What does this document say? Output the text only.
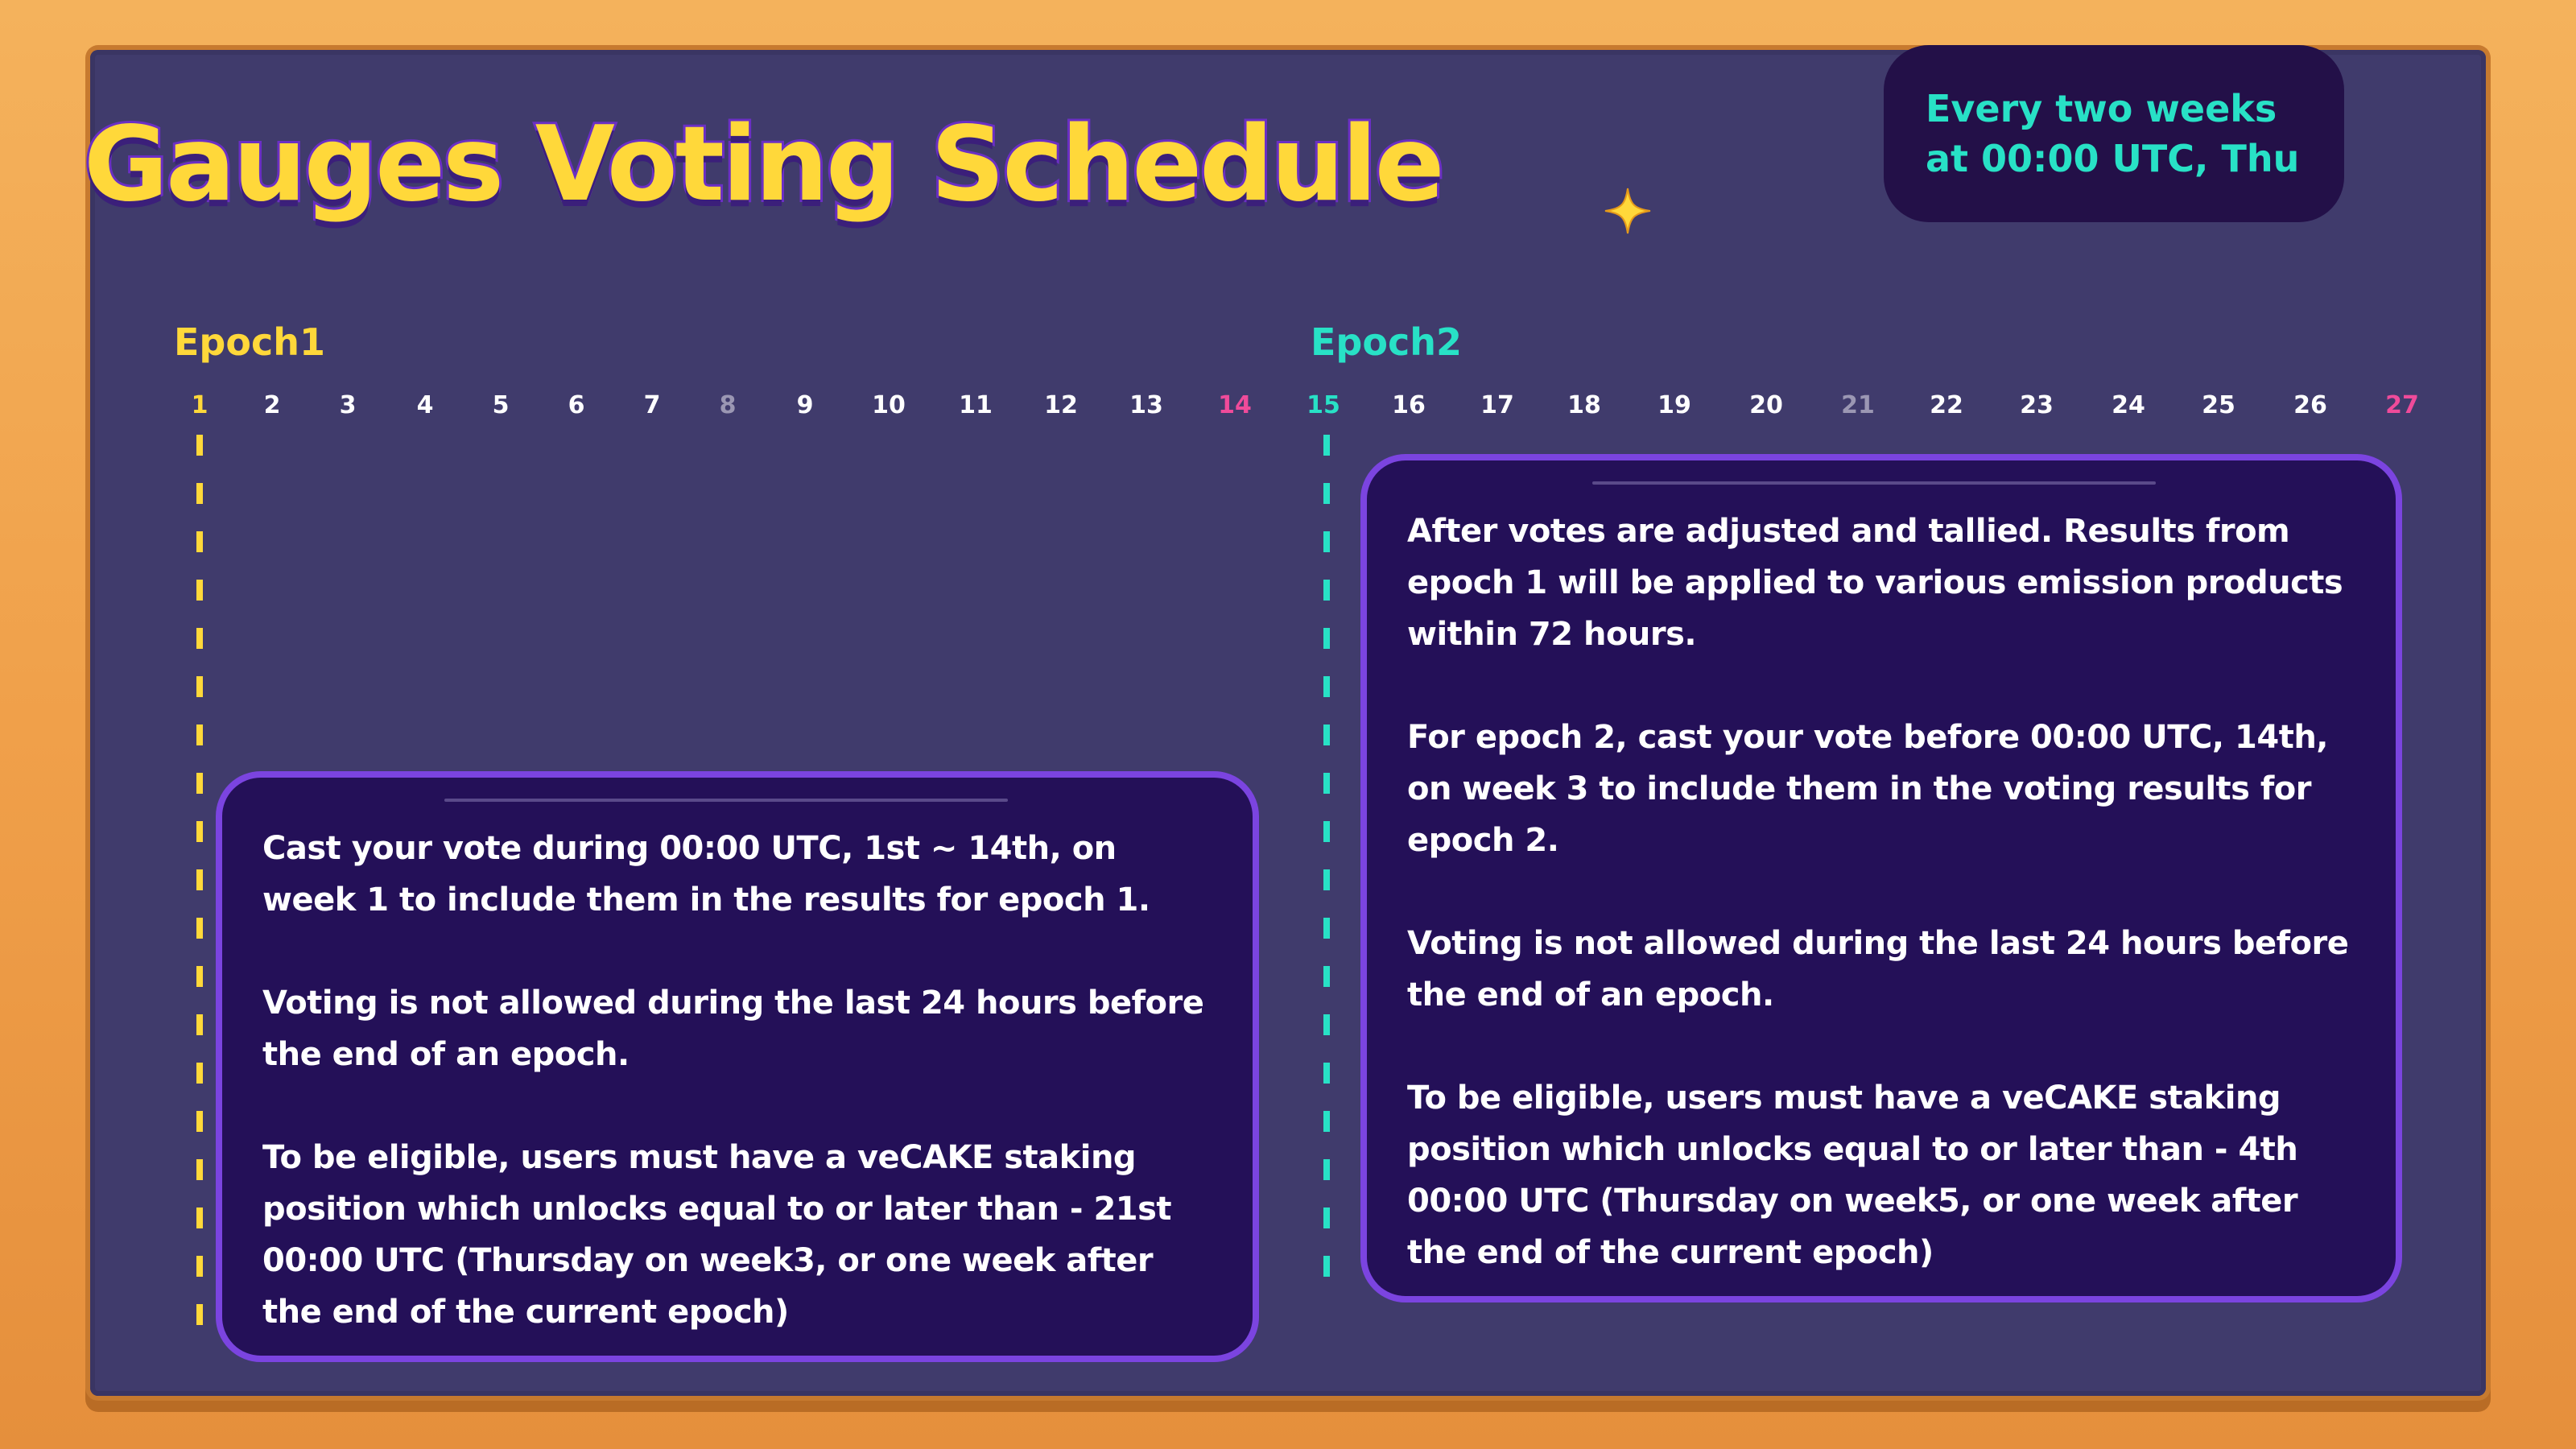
Gauges Voting Schedule	Every two weeks
at 00:00 UTC, Thu
Epoch1	Epoch2
1 2 3	4 5 6 7 8	9 10 11 12 13 14 15 16 17 18 19 20 21 22 23 24 25 26 27
Cast your vote during 00:00 UTC, 1st ~ 14th, on week 1 to include them in the results for epoch 1.
Voting is not allowed during the last 24 hours before the end of an epoch.
To be eligible, users must have a veCAKE staking position which unlocks equal to or later than - 21st 00:00 UTC (Thursday on week3, or one week after the end of the current epoch)
After votes are adjusted and tallied. Results from epoch 1 will be applied to various emission products within 72 hours.
For epoch 2, cast your vote before 00:00 UTC, 14th, on week 3 to include them in the voting results for epoch 2.
Voting is not allowed during the last 24 hours before the end of an epoch.
To be eligible, users must have a veCAKE staking position which unlocks equal to or later than - 4th 00:00 UTC (Thursday on week5, or one week after the end of the current epoch)
